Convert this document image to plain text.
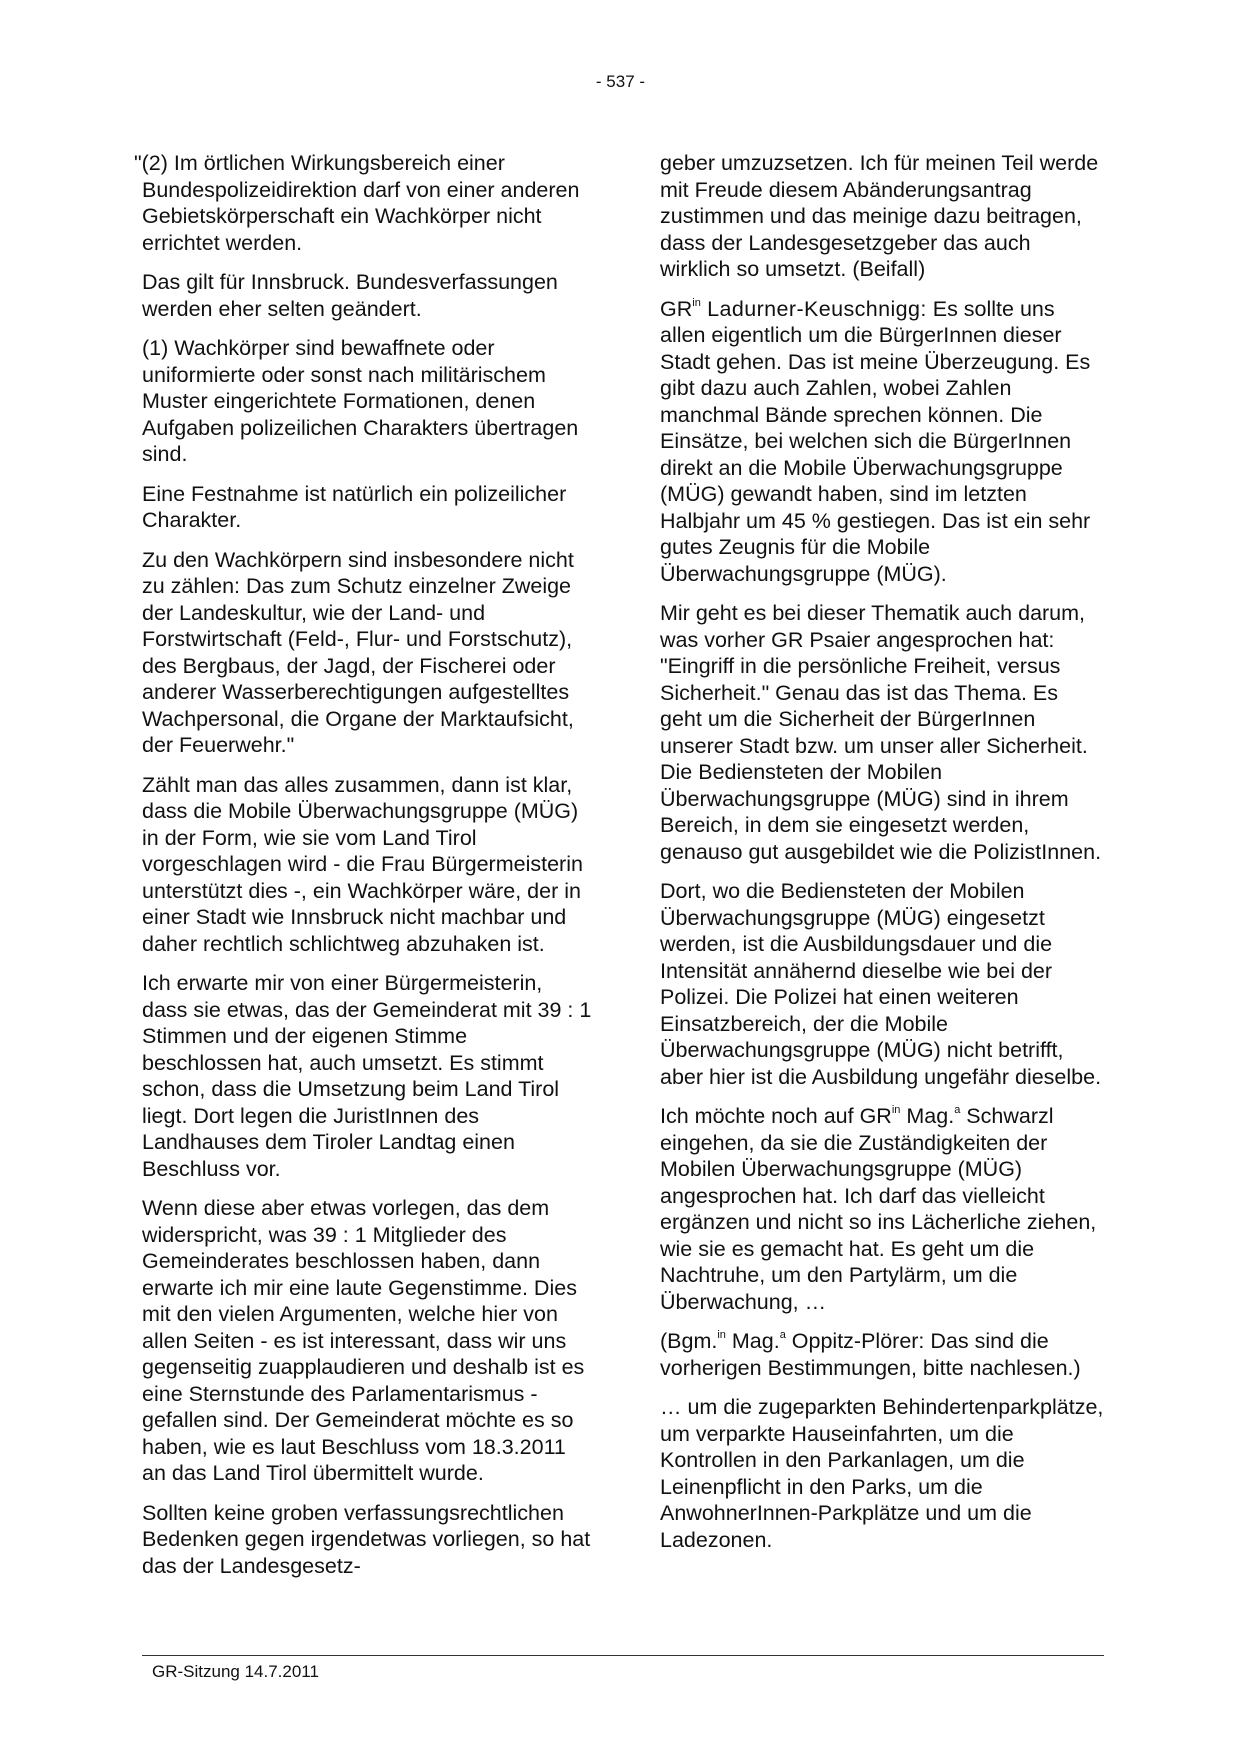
- 537 -

"(2) Im örtlichen Wirkungsbereich einer Bundespolizeidirektion darf von einer anderen Gebietskörperschaft ein Wachkörper nicht errichtet werden.

Das gilt für Innsbruck. Bundesverfassungen werden eher selten geändert.

(1) Wachkörper sind bewaffnete oder uniformierte oder sonst nach militärischem Muster eingerichtete Formationen, denen Aufgaben polizeilichen Charakters übertragen sind.

Eine Festnahme ist natürlich ein polizeilicher Charakter.

Zu den Wachkörpern sind insbesondere nicht zu zählen: Das zum Schutz einzelner Zweige der Landeskultur, wie der Land- und Forstwirtschaft (Feld-, Flur- und Forstschutz), des Bergbaus, der Jagd, der Fischerei oder anderer Wasserberechtigungen aufgestelltes Wachpersonal, die Organe der Marktaufsicht, der Feuerwehr."

Zählt man das alles zusammen, dann ist klar, dass die Mobile Überwachungsgruppe (MÜG) in der Form, wie sie vom Land Tirol vorgeschlagen wird - die Frau Bürgermeisterin unterstützt dies -, ein Wachkörper wäre, der in einer Stadt wie Innsbruck nicht machbar und daher rechtlich schlichtweg abzuhaken ist.

Ich erwarte mir von einer Bürgermeisterin, dass sie etwas, das der Gemeinderat mit 39 : 1 Stimmen und der eigenen Stimme beschlossen hat, auch umsetzt. Es stimmt schon, dass die Umsetzung beim Land Tirol liegt. Dort legen die JuristInnen des Landhauses dem Tiroler Landtag einen Beschluss vor.

Wenn diese aber etwas vorlegen, das dem widerspricht, was 39 : 1 Mitglieder des Gemeinderates beschlossen haben, dann erwarte ich mir eine laute Gegenstimme. Dies mit den vielen Argumenten, welche hier von allen Seiten - es ist interessant, dass wir uns gegenseitig zuapplaudieren und deshalb ist es eine Sternstunde des Parlamentarismus - gefallen sind. Der Gemeinderat möchte es so haben, wie es laut Beschluss vom 18.3.2011 an das Land Tirol übermittelt wurde.

Sollten keine groben verfassungsrechtlichen Bedenken gegen irgendetwas vorliegen, so hat das der Landesgesetz-

geber umzuzsetzen. Ich für meinen Teil werde mit Freude diesem Abänderungsantrag zustimmen und das meinige dazu beitragen, dass der Landesgesetzgeber das auch wirklich so umsetzt. (Beifall)

$GR^{in}$ Ladurner-Keuschnigg: Es sollte uns allen eigentlich um die BürgerInnen dieser Stadt gehen. Das ist meine Überzeugung. Es gibt dazu auch Zahlen, wobei Zahlen manchmal Bände sprechen können. Die Einsätze, bei welchen sich die BürgerInnen direkt an die Mobile Überwachungsgruppe (MÜG) gewandt haben, sind im letzten Halbjahr um 45 % gestiegen. Das ist ein sehr gutes Zeugnis für die Mobile Überwachungsgruppe (MÜG).

Mir geht es bei dieser Thematik auch darum, was vorher GR Psaier angesprochen hat: "Eingriff in die persönliche Freiheit, versus Sicherheit." Genau das ist das Thema. Es geht um die Sicherheit der BürgerInnen unserer Stadt bzw. um unser aller Sicherheit. Die Bediensteten der Mobilen Überwachungsgruppe (MÜG) sind in ihrem Bereich, in dem sie eingesetzt werden, genauso gut ausgebildet wie die PolizistInnen.

Dort, wo die Bediensteten der Mobilen Überwachungsgruppe (MÜG) eingesetzt werden, ist die Ausbildungsdauer und die Intensität annähernd dieselbe wie bei der Polizei. Die Polizei hat einen weiteren Einsatzbereich, der die Mobile Überwachungsgruppe (MÜG) nicht betrifft, aber hier ist die Ausbildung ungefähr dieselbe.

Ich möchte noch auf $GR^{in}$ Mag.$^a$ Schwarzl eingehen, da sie die Zuständigkeiten der Mobilen Überwachungsgruppe (MÜG) angesprochen hat. Ich darf das vielleicht ergänzen und nicht so ins Lächerliche ziehen, wie sie es gemacht hat. Es geht um die Nachtruhe, um den Partylärm, um die Überwachung, …

(Bgm.$^{in}$ Mag.$^a$ Oppitz-Plörer: Das sind die vorherigen Bestimmungen, bitte nachlesen.)

… um die zugeparkten Behindertenparkplätze, um verparkte Hauseinfahrten, um die Kontrollen in den Parkanlagen, um die Leinenpflicht in den Parks, um die AnwohnerInnen-Parkplätze und um die Ladezonen.

GR-Sitzung 14.7.2011
